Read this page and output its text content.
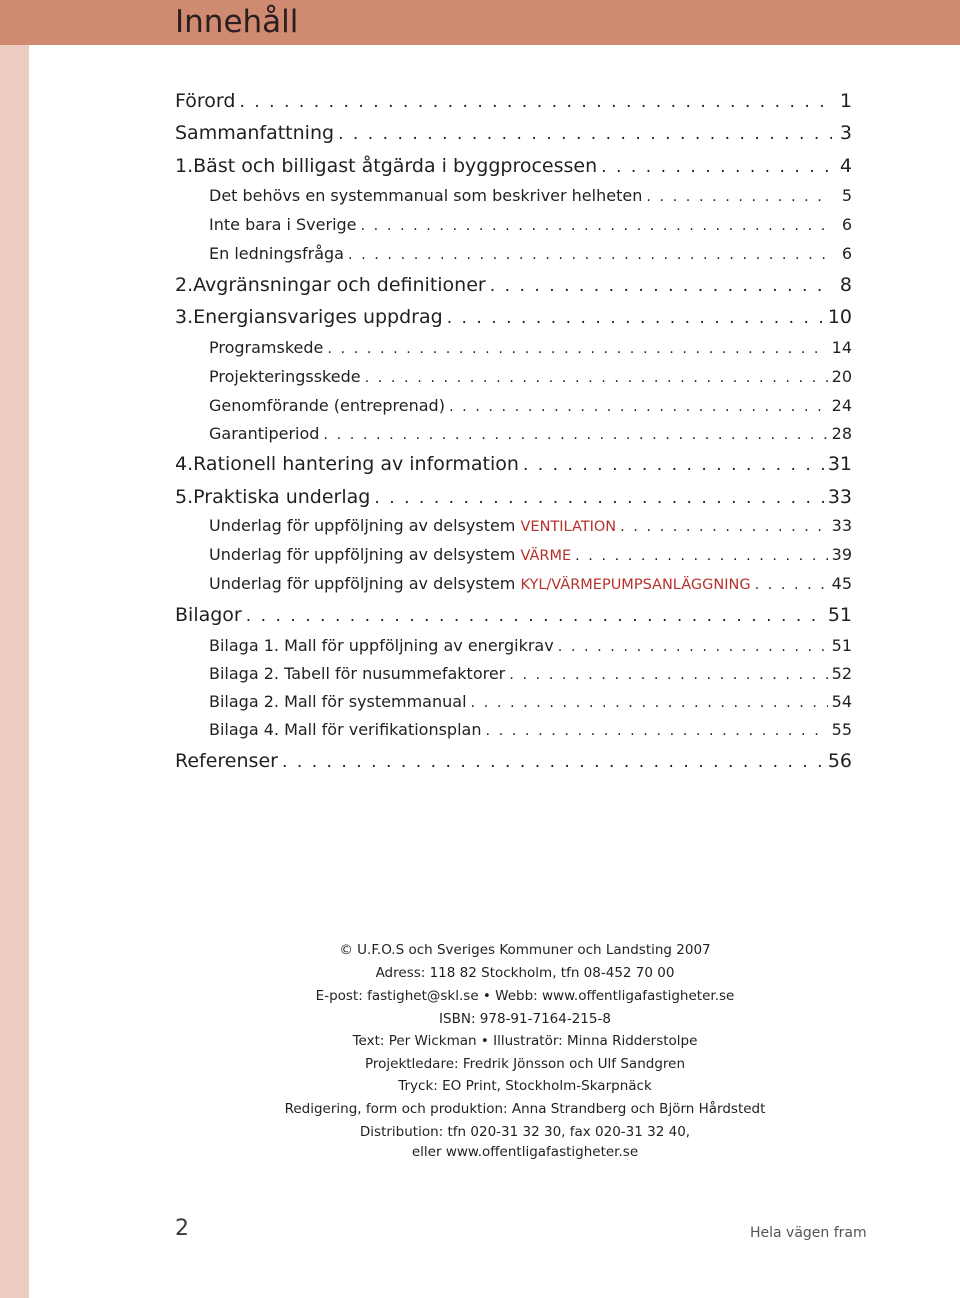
Innehåll
Förord . . .	1
Sammanfattning . . .	3
1. Bäst och billigast åtgärda i byggprocessen . . .	4
Det behövs en systemmanual som beskriver helheten . . .	5
Inte bara i Sverige . . .	6
En ledningsfråga . . .	6
2. Avgränsningar och definitioner . . .	8
3. Energiansvariges uppdrag . . .	10
Programskede . . .	14
Projekteringsskede . . .	20
Genomförande (entreprenad) . . .	24
Garantiperiod . . .	28
4. Rationell hantering av information . . .	31
5. Praktiska underlag . . .	33
Underlag för uppföljning av delsystem VENTILATION . . .	33
Underlag för uppföljning av delsystem VÄRME . . .	39
Underlag för uppföljning av delsystem KYL/VÄRMEPUMPSANLÄGGNING . . .	45
Bilagor . . .	51
Bilaga 1. Mall för uppföljning av energikrav . . .	51
Bilaga 2. Tabell för nusummefaktorer . . .	52
Bilaga 2. Mall för systemmanual . . .	54
Bilaga 4. Mall för verifikationsplan . . .	55
Referenser . . .	56
© U.F.O.S och Sveriges Kommuner och Landsting 2007
Adress: 118 82 Stockholm, tfn 08-452 70 00
E-post: fastighet@skl.se • Webb: www.offentligafastigheter.se
ISBN: 978-91-7164-215-8
Text: Per Wickman • Illustratör: Minna Ridderstolpe
Projektledare: Fredrik Jönsson och Ulf Sandgren
Tryck: EO Print, Stockholm-Skarpnäck
Redigering, form och produktion: Anna Strandberg och Björn Hårdstedt
Distribution: tfn 020-31 32 30, fax 020-31 32 40,
eller www.offentligafastigheter.se
2	Hela vägen fram
